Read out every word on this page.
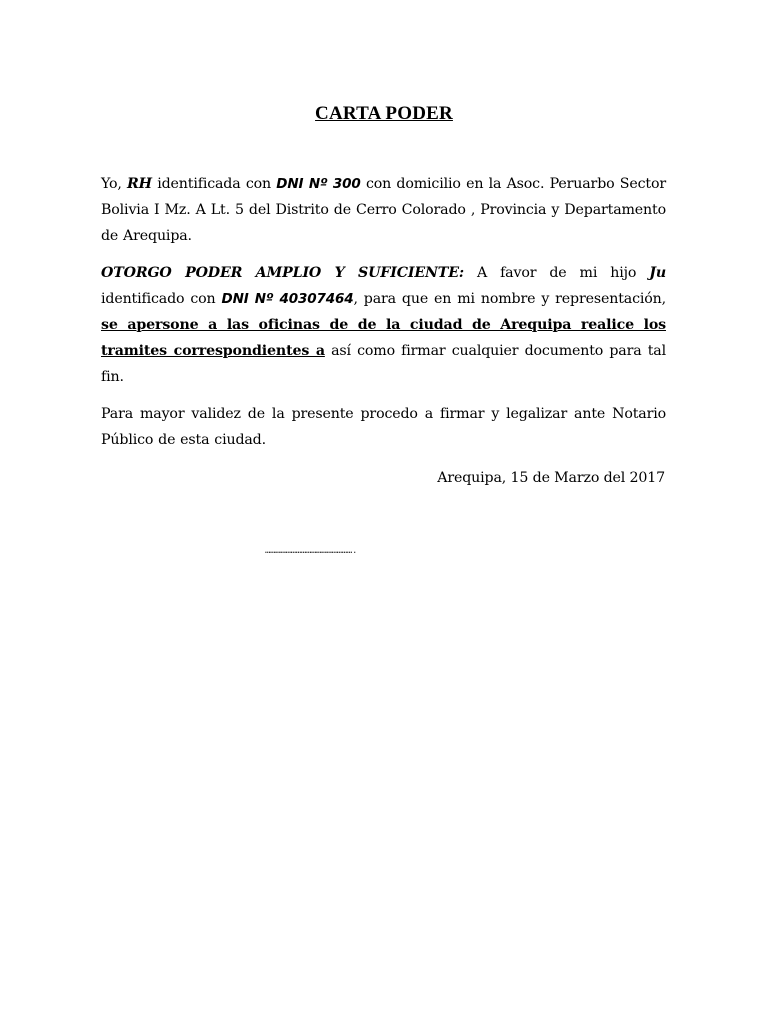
CARTA PODER
Yo, RH identificada con DNI Nº 300 con domicilio en la Asoc. Peruarbo Sector Bolivia I Mz. A Lt. 5 del Distrito de Cerro Colorado , Provincia y Departamento de Arequipa.
OTORGO PODER AMPLIO Y SUFICIENTE: A favor de mi hijo Ju identificado con DNI Nº 40307464, para que en mi nombre y representación, se apersone a las oficinas de de la ciudad de Arequipa realice los tramites correspondientes a así como firmar cualquier documento para tal fin.
Para mayor validez de la presente procedo a firmar y legalizar ante Notario Público de esta ciudad.
Arequipa, 15 de Marzo del 2017
…………………………………………….
